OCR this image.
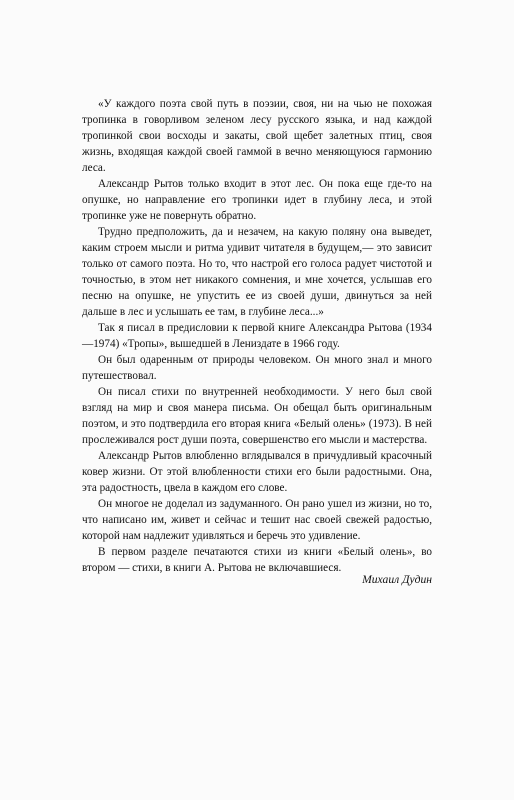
«У каждого поэта свой путь в поэзии, своя, ни на чью не похожая тропинка в говорливом зеленом лесу русского языка, и над каждой тропинкой свои восходы и закаты, свой щебет залетных птиц, своя жизнь, входящая каждой своей гаммой в вечно меняющуюся гармонию леса.

Александр Рытов только входит в этот лес. Он пока еще где-то на опушке, но направление его тропинки идет в глубину леса, и этой тропинке уже не повернуть обратно.

Трудно предположить, да и незачем, на какую поляну она выведет, каким строем мысли и ритма удивит читателя в будущем,— это зависит только от самого поэта. Но то, что настрой его голоса радует чистотой и точностью, в этом нет никакого сомнения, и мне хочется, услышав его песню на опушке, не упустить ее из своей души, двинуться за ней дальше в лес и услышать ее там, в глубине леса...»

Так я писал в предисловии к первой книге Александра Рытова (1934—1974) «Тропы», вышедшей в Лениздате в 1966 году.

Он был одаренным от природы человеком. Он много знал и много путешествовал.

Он писал стихи по внутренней необходимости. У него был свой взгляд на мир и своя манера письма. Он обещал быть оригинальным поэтом, и это подтвердила его вторая книга «Белый олень» (1973). В ней прослеживался рост души поэта, совершенство его мысли и мастерства.

Александр Рытов влюбленно вглядывался в причудливый красочный ковер жизни. От этой влюбленности стихи его были радостными. Она, эта радостность, цвела в каждом его слове.

Он многое не доделал из задуманного. Он рано ушел из жизни, но то, что написано им, живет и сейчас и тешит нас своей свежей радостью, которой нам надлежит удивляться и беречь это удивление.

В первом разделе печатаются стихи из книги «Белый олень», во втором — стихи, в книги А. Рытова не включавшиеся.

Михаил Дудин
